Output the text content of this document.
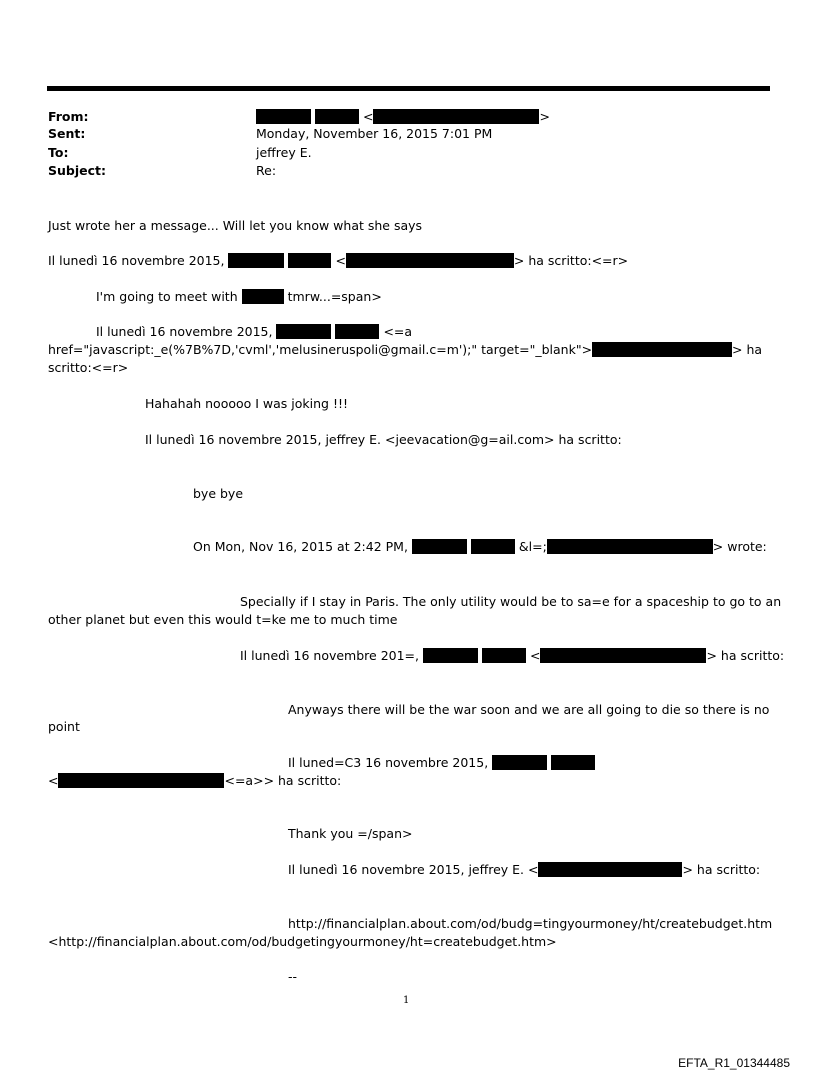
From:	<	>
Sent:	Monday, November 16, 2015 7:01 PM
To:	jeffrey E.
Subject:	Re:
Just wrote her a message... Will let you know what she says
Il lunedì 16 novembre 2015,	<	> ha scritto:<=r>
I'm going to meet with	tmrw...=span>
Il lunedì 16 novembre 2015,	<=a
href="javascript:_e(%7B%7D,'cvml','melusineruspoli@gmail.c=m');" target="_blank">	> ha
scritto:<=r>
Hahahah nooooo I was joking !!!
Il lunedì 16 novembre 2015, jeffrey E. <jeevacation@g=ail.com> ha scritto:
bye bye
On Mon, Nov 16, 2015 at 2:42 PM,	&l=;	> wrote:
Specially if I stay in Paris. The only utility would be to sa=e for a spaceship to go to an
other planet but even this would t=ke me to much time
Il lunedì 16 novembre 201=,	<	> ha scritto:
Anyways there will be the war soon and we are all going to die so there is no
point
Il luned=C3 16 novembre 2015,
<	<=a>> ha scritto:
Thank you =/span>
Il lunedì 16 novembre 2015, jeffrey E. <	> ha scritto:
http://financialplan.about.com/od/budg=tingyourmoney/ht/createbudget.htm
<http://financialplan.about.com/od/budgetingyourmoney/ht=createbudget.htm>
--
1
EFTA_R1_01344485
